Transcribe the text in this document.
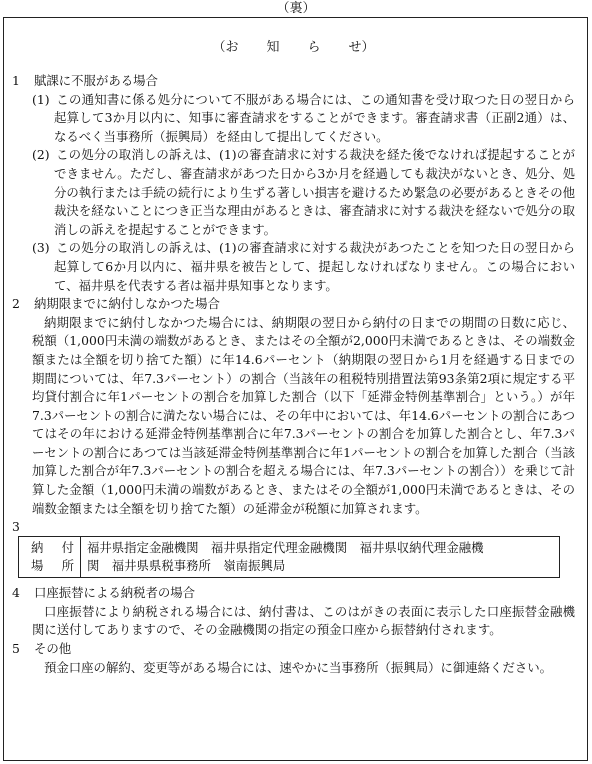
（裏）
（お 知 ら せ）
1 賦課に不服がある場合
(1) この通知書に係る処分について不服がある場合には、この通知書を受け取つた日の翌日から起算して3か月以内に、知事に審査請求をすることができます。審査請求書（正副2通）は、なるべく当事務所（振興局）を経由して提出してください。
(2) この処分の取消しの訴えは、(1)の審査請求に対する裁決を経た後でなければ提起することができません。ただし、審査請求があつた日から3か月を経過しても裁決がないとき、処分、処分の執行または手続の続行により生ずる著しい損害を避けるため緊急の必要があるときその他裁決を経ないことにつき正当な理由があるときは、審査請求に対する裁決を経ないで処分の取消しの訴えを提起することができます。
(3) この処分の取消しの訴えは、(1)の審査請求に対する裁決があつたことを知つた日の翌日から起算して6か月以内に、福井県を被告として、提起しなければなりません。この場合において、福井県を代表する者は福井県知事となります。
2 納期限までに納付しなかつた場合
納期限までに納付しなかつた場合には、納期限の翌日から納付の日までの期間の日数に応じ、税額（1,000円未満の端数があるとき、またはその全額が2,000円未満であるときは、その端数金額または全額を切り捨てた額）に年14.6パーセント（納期限の翌日から1月を経過する日までの期間については、年7.3パーセント）の割合（当該年の租税特別措置法第93条第2項に規定する平均貸付割合に年1パーセントの割合を加算した割合（以下「延滞金特例基準割合」という。）が年7.3パーセントの割合に満たない場合には、その年中においては、年14.6パーセントの割合にあつてはその年における延滞金特例基準割合に年7.3パーセントの割合を加算した割合とし、年7.3パーセントの割合にあつては当該延滞金特例基準割合に年1パーセントの割合を加算した割合（当該加算した割合が年7.3パーセントの割合を超える場合には、年7.3パーセントの割合））を乗じて計算した金額（1,000円未満の端数があるとき、またはその全額が1,000円未満であるときは、その端数金額または全額を切り捨てた額）の延滞金が税額に加算されます。
3
納 付
場 所
福井県指定金融機関　福井県指定代理金融機関　福井県収納代理金融機
関　福井県県税事務所　嶺南振興局
4 口座振替による納税者の場合
口座振替により納税される場合には、納付書は、このはがきの表面に表示した口座振替金融機関に送付してありますので、その金融機関の指定の預金口座から振替納付されます。
5 その他
預金口座の解約、変更等がある場合には、速やかに当事務所（振興局）に御連絡ください。
